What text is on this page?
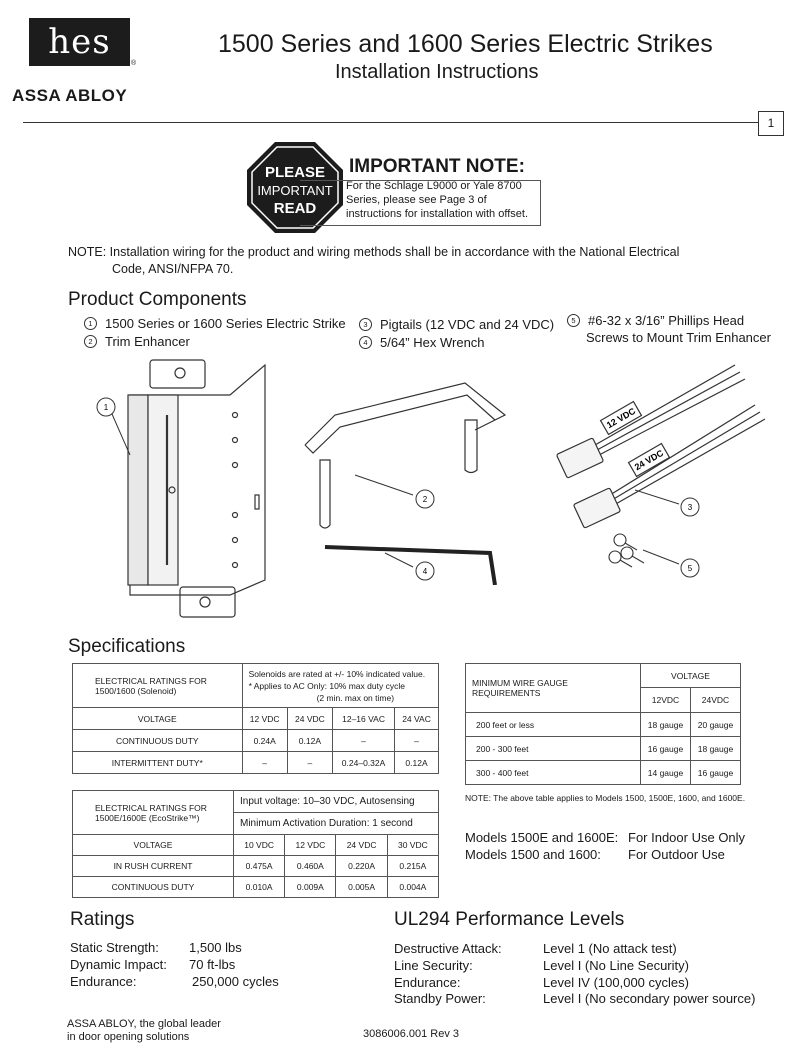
hes
®
ASSA ABLOY
1500 Series and 1600 Series Electric Strikes
Installation Instructions
1
PLEASE
IMPORTANT
READ
IMPORTANT NOTE:
For the Schlage L9000 or Yale 8700 Series, please see Page 3 of instructions for installation with offset.
NOTE: Installation wiring for the product and wiring methods shall be in accordance with the National Electrical
Code, ANSI/NFPA 70.
Product Components
1 1500 Series or 1600 Series Electric Strike
2 Trim Enhancer
3 Pigtails (12 VDC and 24 VDC)
4 5/64” Hex Wrench
5 #6-32 x 3/16” Phillips Head
Screws to Mount Trim Enhancer
1
2
4
12 VDC
24 VDC
3
5
Specifications
ELECTRICAL RATINGS FOR 1500/1600 (Solenoid)	Solenoids are rated at +/- 10% indicated value.
* Applies to AC Only: 10% max duty cycle
(2 min. max on time)			

VOLTAGE	12 VDC	24 VDC	12–16 VAC	24 VAC
CONTINUOUS DUTY	0.24A	0.12A	–	–
INTERMITTENT DUTY*	–	–	0.24–0.32A	0.12A
ELECTRICAL RATINGS FOR 1500E/1600E (EcoStrike™)	Input voltage: 10–30 VDC, Autosensing			
	Minimum Activation Duration: 1 second			
VOLTAGE	10 VDC	12 VDC	24 VDC	30 VDC
IN RUSH CURRENT	0.475A	0.460A	0.220A	0.215A
CONTINUOUS DUTY	0.010A	0.009A	0.005A	0.004A
MINIMUM WIRE GAUGE REQUIREMENTS	VOLTAGE	
	12VDC	24VDC
200 feet or less	18 gauge	20 gauge
200 - 300 feet	16 gauge	18 gauge
300 - 400 feet	14 gauge	16 gauge
NOTE: The above table applies to Models 1500, 1500E, 1600, and 1600E.
Models 1500E and 1600E: For Indoor Use Only
Models 1500 and 1600: For Outdoor Use
Ratings
Static Strength: 1,500 lbs
Dynamic Impact: 70 ft-lbs
Endurance:	250,000 cycles
UL294 Performance Levels
Destructive Attack:	Level 1 (No attack test)
Line Security:	Level I (No Line Security)
Endurance:	Level IV (100,000 cycles)
Standby Power:	Level I (No secondary power source)
ASSA ABLOY, the global leader
in door opening solutions	3086006.001 Rev 3
